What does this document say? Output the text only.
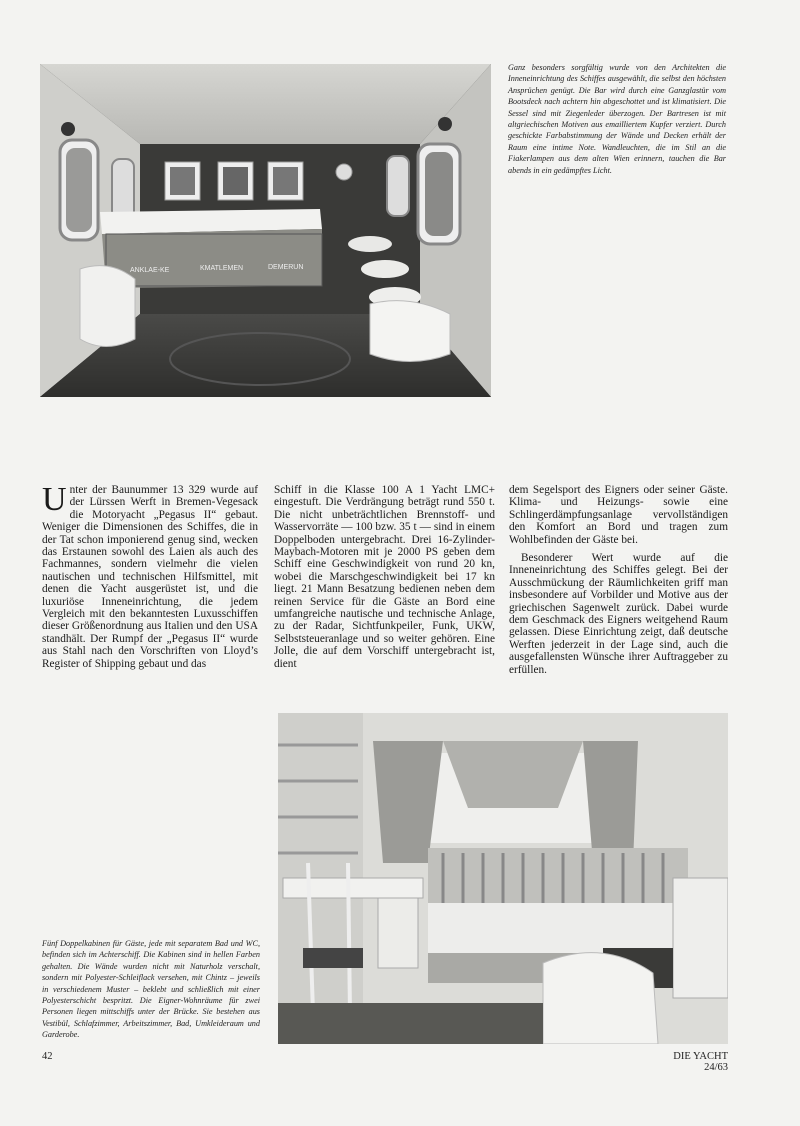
ANKLAE-KE	KMATLEMEN	DEMERUN
Ganz besonders sorgfältig wurde von den Architekten die Inneneinrichtung des Schiffes ausgewählt, die selbst den höchsten Ansprüchen genügt. Die Bar wird durch eine Ganzglastür vom Bootsdeck nach achtern hin abgeschottet und ist klimatisiert. Die Sessel sind mit Ziegenleder überzogen. Der Bartresen ist mit altgriechischen Motiven aus emailliertem Kupfer verziert. Durch geschickte Farbabstimmung der Wände und Decken erhält der Raum eine intime Note. Wandleuchten, die im Stil an die Fiakerlampen aus dem alten Wien erinnern, tauchen die Bar abends in ein gedämpftes Licht.
Unter der Baunummer 13 329 wurde auf der Lürssen Werft in Bremen-Vegesack die Motoryacht „Pegasus II“ gebaut. Weniger die Dimensionen des Schiffes, die in der Tat schon imponierend genug sind, wecken das Erstaunen sowohl des Laien als auch des Fachmannes, sondern vielmehr die vielen nautischen und technischen Hilfsmittel, mit denen die Yacht ausgerüstet ist, und die luxuriöse Inneneinrichtung, die jedem Vergleich mit den bekanntesten Luxusschiffen dieser Größenordnung aus Italien und den USA standhält. Der Rumpf der „Pegasus II“ wurde aus Stahl nach den Vorschriften von Lloyd’s Register of Shipping gebaut und das
Schiff in die Klasse 100 A 1 Yacht LMC+ eingestuft. Die Verdrängung beträgt rund 550 t. Die nicht unbeträchtlichen Brennstoff- und Wasservorräte — 100 bzw. 35 t — sind in einem Doppelboden untergebracht. Drei 16-Zylinder-Maybach-Motoren mit je 2000 PS geben dem Schiff eine Geschwindigkeit von rund 20 kn, wobei die Marschgeschwindigkeit bei 17 kn liegt. 21 Mann Besatzung bedienen neben dem reinen Service für die Gäste an Bord eine umfangreiche nautische und technische Anlage, zu der Radar, Sichtfunkpeiler, Funk, UKW, Selbststeueranlage und so weiter gehören. Eine Jolle, die auf dem Vorschiff untergebracht ist, dient

dem Segelsport des Eigners oder seiner Gäste. Klima- und Heizungs- sowie eine Schlingerdämpfungsanlage vervollständigen den Komfort an Bord und tragen zum Wohlbefinden der Gäste bei.

Besonderer Wert wurde auf die Inneneinrichtung des Schiffes gelegt. Bei der Ausschmückung der Räumlichkeiten griff man insbesondere auf Vorbilder und Motive aus der griechischen Sagenwelt zurück. Dabei wurde dem Geschmack des Eigners weitgehend Raum gelassen. Diese Einrichtung zeigt, daß deutsche Werften jederzeit in der Lage sind, auch die ausgefallensten Wünsche ihrer Auftraggeber zu erfüllen.

Fünf Doppelkabinen für Gäste, jede mit separatem Bad und WC, befinden sich im Achterschiff. Die Kabinen sind in hellen Farben gehalten. Die Wände wurden nicht mit Naturholz verschalt, sondern mit Polyester-Schleiflack versehen, mit Chintz – jeweils in verschiedenem Muster – beklebt und schließlich mit einer Polyesterschicht bespritzt. Die Eigner-Wohnräume für zwei Personen liegen mittschiffs unter der Brücke. Sie bestehen aus Vestibül, Schlafzimmer, Arbeitszimmer, Bad, Umkleideraum und Garderobe.
42	DIE YACHT 24/63
